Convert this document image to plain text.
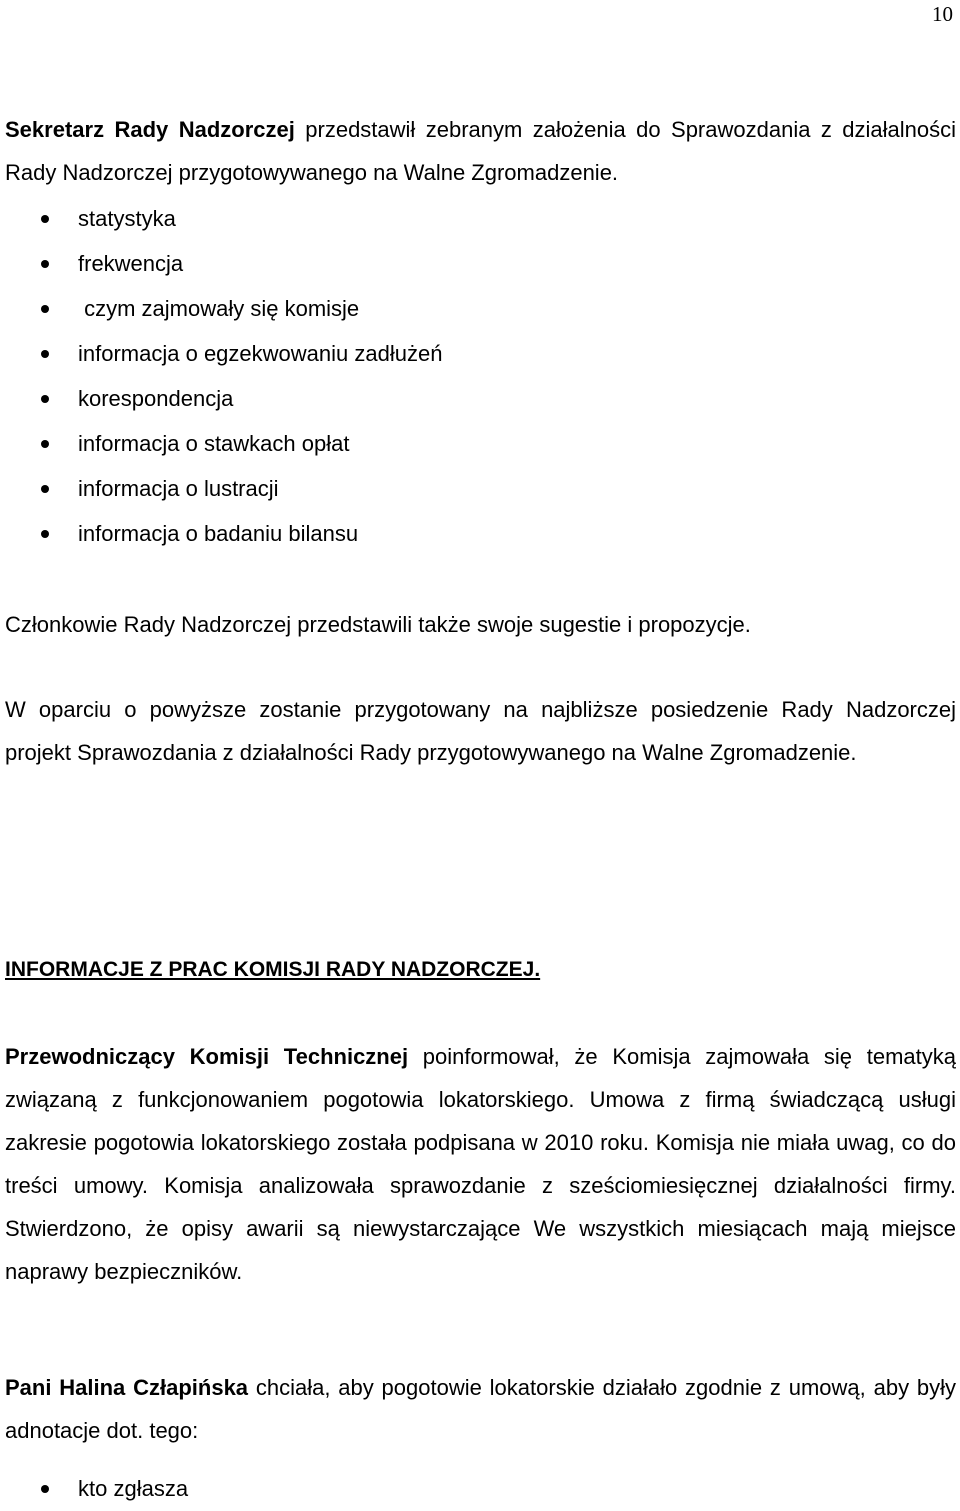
10

Sekretarz Rady Nadzorczej przedstawił zebranym założenia do Sprawozdania z działalności Rady Nadzorczej przygotowywanego na Walne Zgromadzenie.

statystyka
frekwencja
czym zajmowały się komisje
informacja o egzekwowaniu zadłużeń
korespondencja
informacja o stawkach opłat
informacja o lustracji
informacja o badaniu bilansu

Członkowie Rady Nadzorczej przedstawili także swoje sugestie i propozycje.

W oparciu o powyższe zostanie przygotowany na najbliższe posiedzenie Rady Nadzorczej projekt Sprawozdania z działalności Rady przygotowywanego na Walne Zgromadzenie.

INFORMACJE Z PRAC KOMISJI RADY NADZORCZEJ.

Przewodniczący Komisji Technicznej poinformował, że Komisja zajmowała się tematyką związaną z funkcjonowaniem pogotowia lokatorskiego. Umowa z firmą świadczącą usługi zakresie pogotowia lokatorskiego została podpisana w 2010 roku. Komisja nie miała uwag, co do treści umowy. Komisja analizowała sprawozdanie z sześciomiesięcznej działalności firmy. Stwierdzono, że opisy awarii są niewystarczające We wszystkich miesiącach mają miejsce naprawy bezpieczników.

Pani Halina Człapińska chciała, aby pogotowie lokatorskie działało zgodnie z umową, aby były adnotacje dot. tego:

kto zgłasza
